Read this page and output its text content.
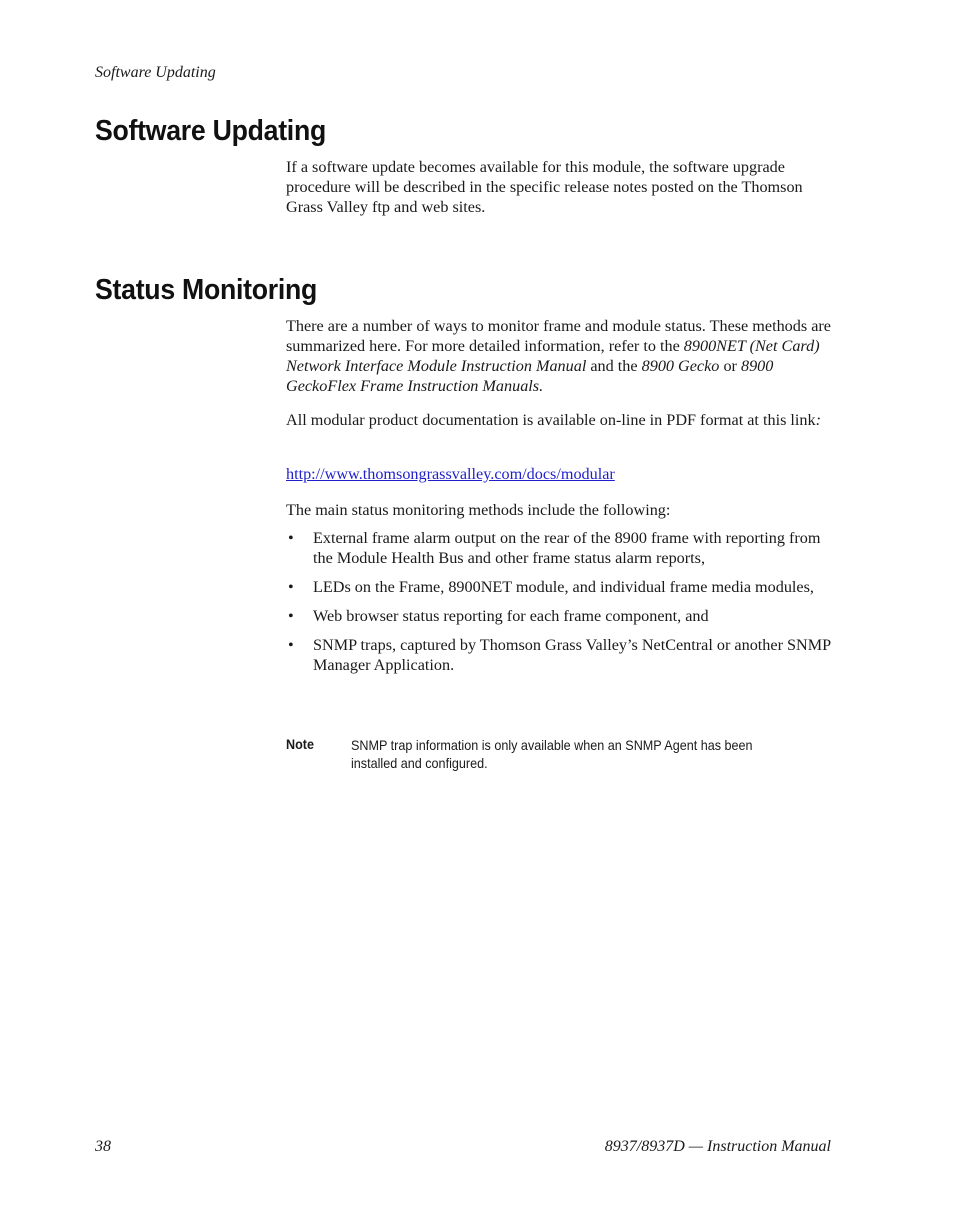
Software Updating
Software Updating

If a software update becomes available for this module, the software upgrade procedure will be described in the specific release notes posted on the Thomson Grass Valley ftp and web sites.

Status Monitoring

There are a number of ways to monitor frame and module status. These methods are summarized here. For more detailed information, refer to the 8900NET (Net Card) Network Interface Module Instruction Manual and the 8900 Gecko or 8900 GeckoFlex Frame Instruction Manuals.

All modular product documentation is available on-line in PDF format at this link:

http://www.thomsongrassvalley.com/docs/modular

The main status monitoring methods include the following:

• External frame alarm output on the rear of the 8900 frame with reporting from the Module Health Bus and other frame status alarm reports,
• LEDs on the Frame, 8900NET module, and individual frame media modules,
• Web browser status reporting for each frame component, and
• SNMP traps, captured by Thomson Grass Valley’s NetCentral or another SNMP Manager Application.
Note	SNMP trap information is only available when an SNMP Agent has been installed and configured.
38	8937/8937D — Instruction Manual
